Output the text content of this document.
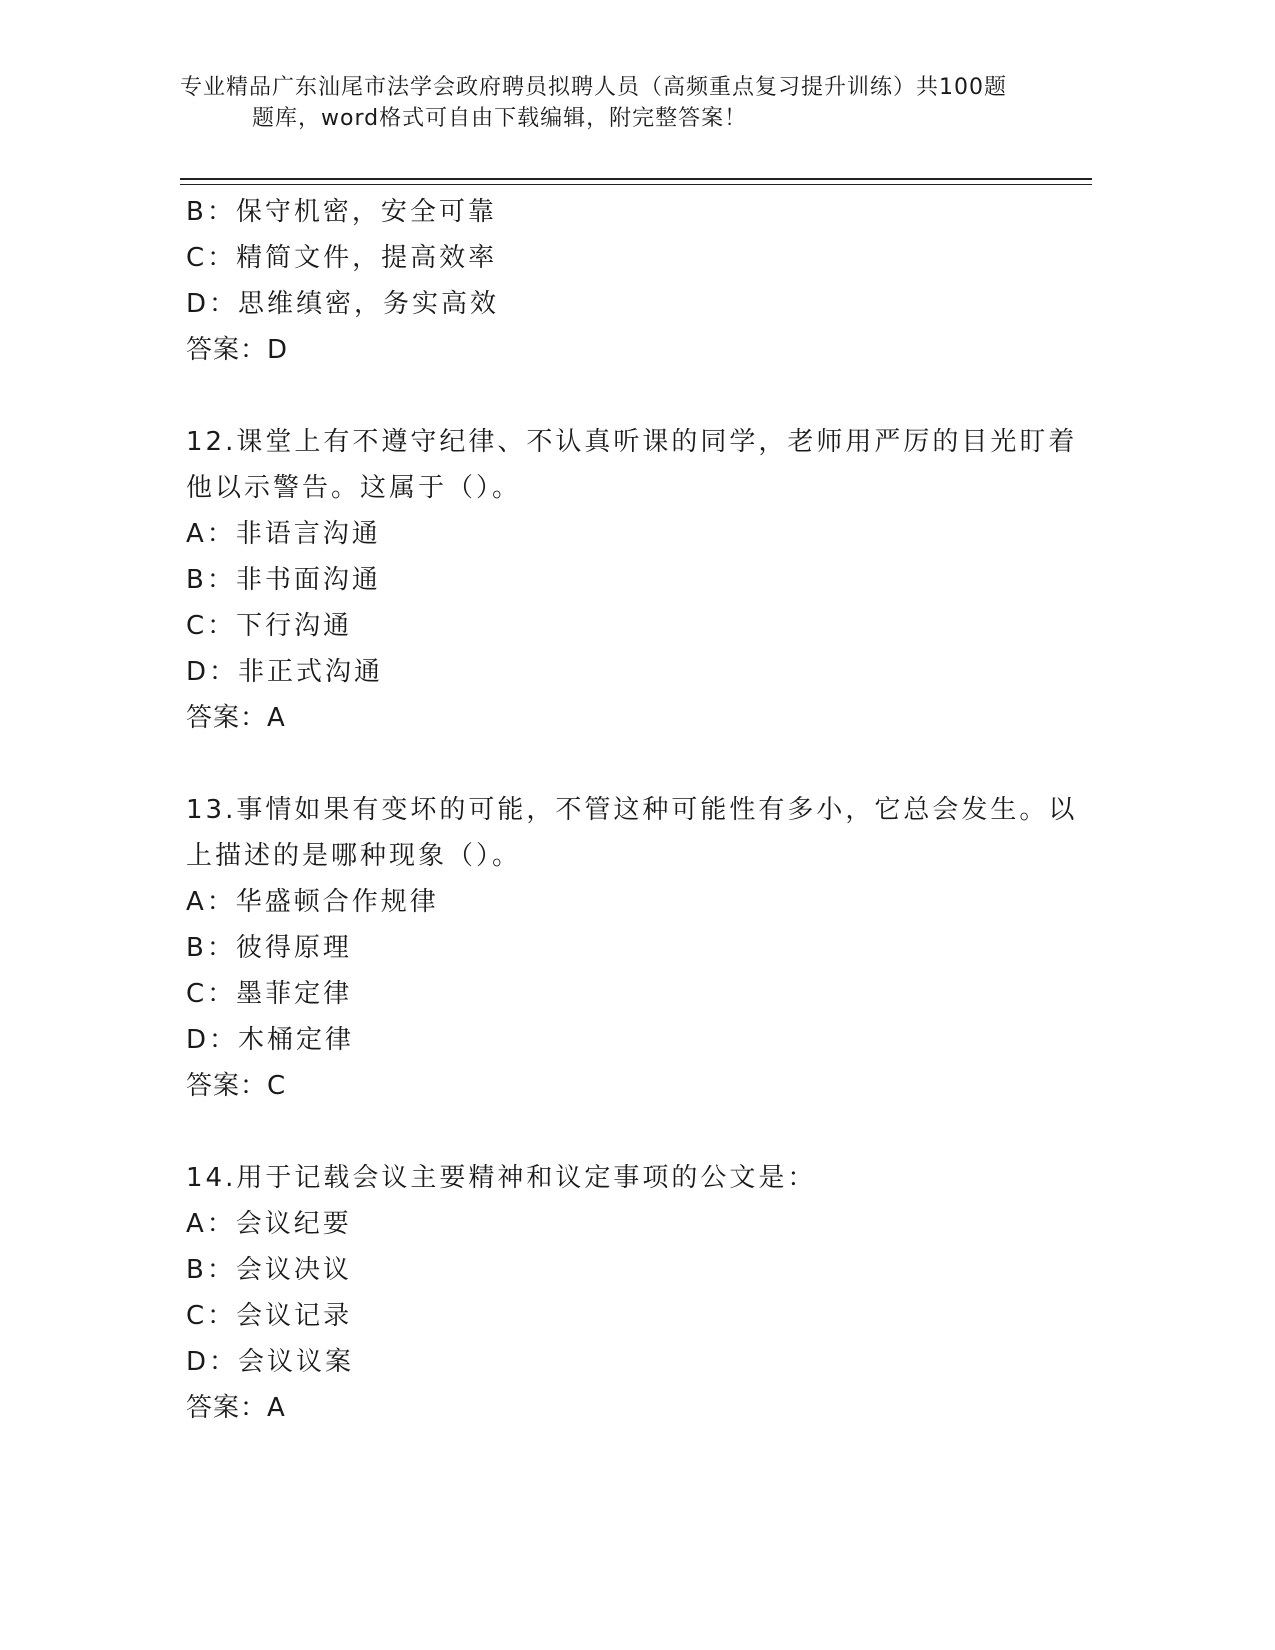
专业精品广东汕尾市法学会政府聘员拟聘人员（高频重点复习提升训练）共100题
题库，word格式可自由下载编辑，附完整答案！
B：保守机密，安全可靠
C：精简文件，提高效率
D：思维缜密，务实高效
答案：D
12.课堂上有不遵守纪律、不认真听课的同学，老师用严厉的目光盯着
他以示警告。这属于（）。
A：非语言沟通
B：非书面沟通
C：下行沟通
D：非正式沟通
答案：A
13.事情如果有变坏的可能，不管这种可能性有多小，它总会发生。以
上描述的是哪种现象（）。
A：华盛顿合作规律
B：彼得原理
C：墨菲定律
D：木桶定律
答案：C
14.用于记载会议主要精神和议定事项的公文是：
A：会议纪要
B：会议决议
C：会议记录
D：会议议案
答案：A
